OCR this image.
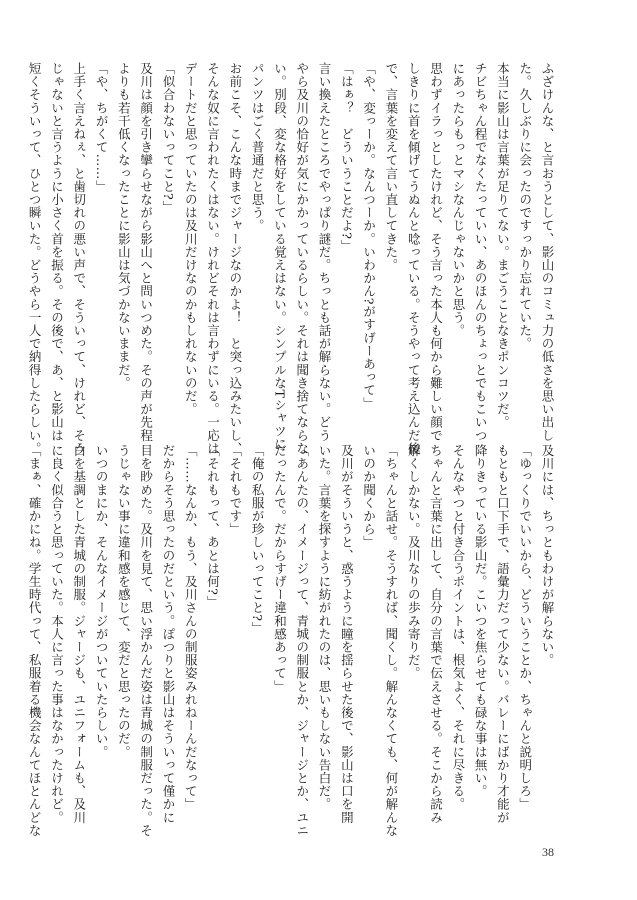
ふざけんな、と言おうとして、影山のコミュ力の低さを思い出し
た。久しぶりに会ったのですっかり忘れていた。
本当に影山は言葉が足りてない。まごうことなきポンコツだ。
チビちゃん程でなくたっていい、あのほんのちょっとでもこいつ
にあったらもっとマシなんじゃないかと思う。
思わずイラっとしたけれど、そう言った本人も何から難しい顔で
しきりに首を傾げてうぬんと唸っている。そうやって考え込んだ後
で、言葉を変えて言い直してきた。
「や、変っーか。なんつーか。いわかん?がすげーあって」
「はぁ？　どういうことだよ?」
言い換えたところでやっぱり謎だ。ちっとも話が解らない。どう
やら及川の恰好が気にかかっているらしい。それは聞き捨てならな
い。別段、変な格好をしている覚えはない。シンプルなTシャツに
パンツはごく普通だと思う。
お前こそ、こんな時までジャージなのかよ！　と突っ込みたいし、
そんな奴に言われたくはない。けれどそれは言わずにいる。一応は
デートだと思っていたのは及川だけなのかもしれないのだ。
「似合わないってこと?」
及川は顔を引き攣らせながら影山へと問いつめた。その声が先程
よりも若干低くなったことに影山は気づかないままだ。
「や、ちがくて……」
上手く言えねぇ、と歯切れの悪い声で、そういって、けれど、そう
じゃないと言うように小さく首を振る。その後で、あ、と影山は
短くそういって、ひとつ瞬いた。どうやら一人で納得したらしい。
及川には、ちっともわけが解らない。
「ゆっくりでいいから、どういうことか、ちゃんと説明しろ」
もともと口下手で、語彙力だって少ない。バレーにばかり才能が
降りきっている影山だ。こいつを焦らせても碌な事は無い。
そんなやつと付き合うポイントは、根気よく、それに尽きる。
ちゃんと言葉に出して、自分の言葉で伝えさせる。そこから読み
解くしかない。及川なりの歩み寄りだ。
「ちゃんと話せ。そうすれば、聞くし。解んなくても、何が解んな
いのか聞くから」
及川がそういうと、惑うように瞳を揺らせた後で、影山は口を開
いた。言葉を探すように紡がれたのは、思いもしない告白だ。
「あんたの、イメージって、青城の制服とか、ジャージとか、ユニ
だったんで。だからすげー違和感あって」
「俺の私服が珍しいってこと?」
「それもです」
「それもって、あとは何?」
「……なんか、もう、及川さんの制服姿みれねーんだなって」
だからそう思ったのだという。ぽつりと影山はそういって僅かに
目を眇めた。及川を見て、思い浮かんだ姿は青城の制服だった。そ
うじゃない事に違和感を感じて、変だと思ったのだ。
いつのまにか、そんなイメージがついていたらしい。
白を基調とした青城の制服。ジャージも、ユニフォームも、及川
に良く似合うと思っていた。本人に言った事はなかったけれど。
「まぁ、確かにね。学生時代って、私服着る機会なんてほとんどな
38
